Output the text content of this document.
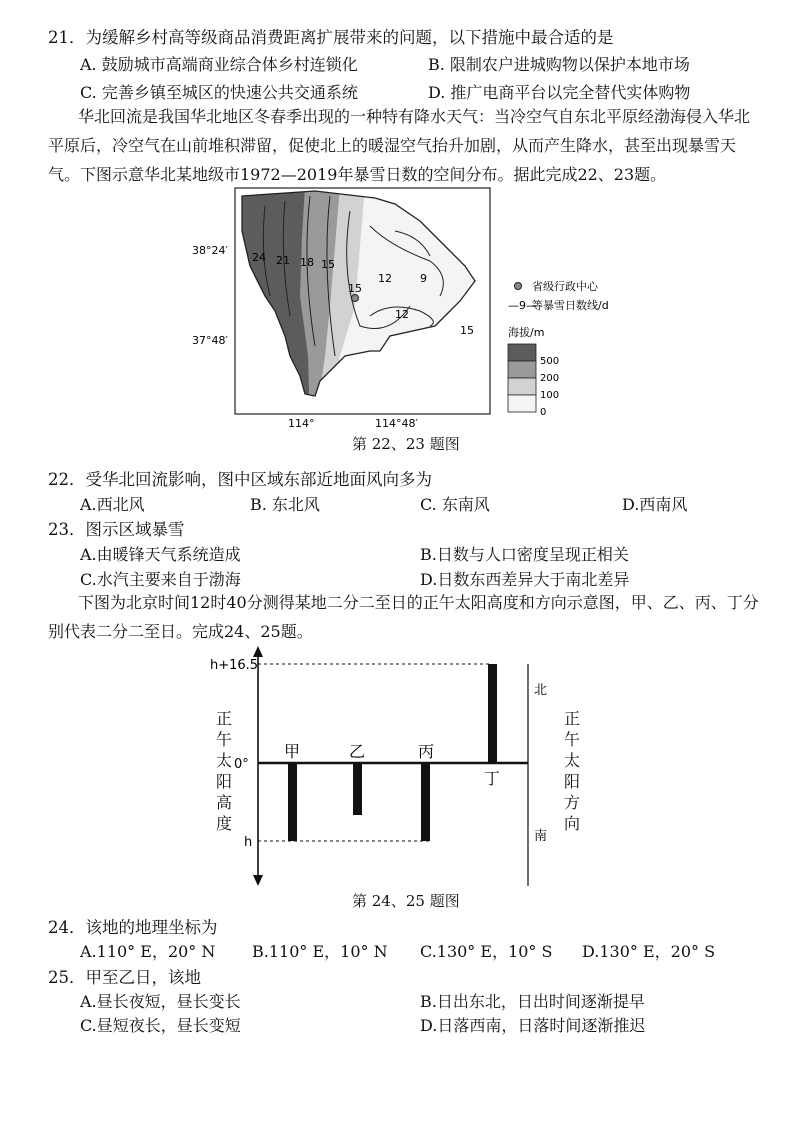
21．为缓解乡村高等级商品消费距离扩展带来的问题，以下措施中最合适的是
A. 鼓励城市高端商业综合体乡村连锁化	B. 限制农户进城购物以保护本地市场
C. 完善乡镇至城区的快速公共交通系统	D. 推广电商平台以完全替代实体购物
华北回流是我国华北地区冬春季出现的一种特有降水天气：当冷空气自东北平原经渤海侵入华北平原后，冷空气在山前堆积滞留，促使北上的暖湿空气抬升加剧，从而产生降水，甚至出现暴雪天气。下图示意华北某地级市1972—2019年暴雪日数的空间分布。据此完成22、23题。
24 21 18 15
15
12	9
12
15
38°24′
37°48′
114°	114°48′
省级行政中心
—9—
等暴雪日数线/d
海拔/m
500
200
100
0
第 22、23 题图
22．受华北回流影响，图中区域东部近地面风向多为
A.西北风	B. 东北风	C. 东南风	D.西南风
23．图示区域暴雪
A.由暖锋天气系统造成	B.日数与人口密度呈现正相关
C.水汽主要来自于渤海	D.日数东西差异大于南北差异
下图为北京时间12时40分测得某地二分二至日的正午太阳高度和方向示意图，甲、乙、丙、丁分别代表二分二至日。完成24、25题。
h+16.5
0°
h
甲	乙	丙
丁
北
南
正午太阳高度
正午太阳方向
第 24、25 题图
24．该地的地理坐标为
A.110° E，20° N B.110° E，10° N C.130° E，10° S D.130° E，20° S
25．甲至乙日，该地
A.昼长夜短，昼长变长	B.日出东北，日出时间逐渐提早
C.昼短夜长，昼长变短	D.日落西南，日落时间逐渐推迟
